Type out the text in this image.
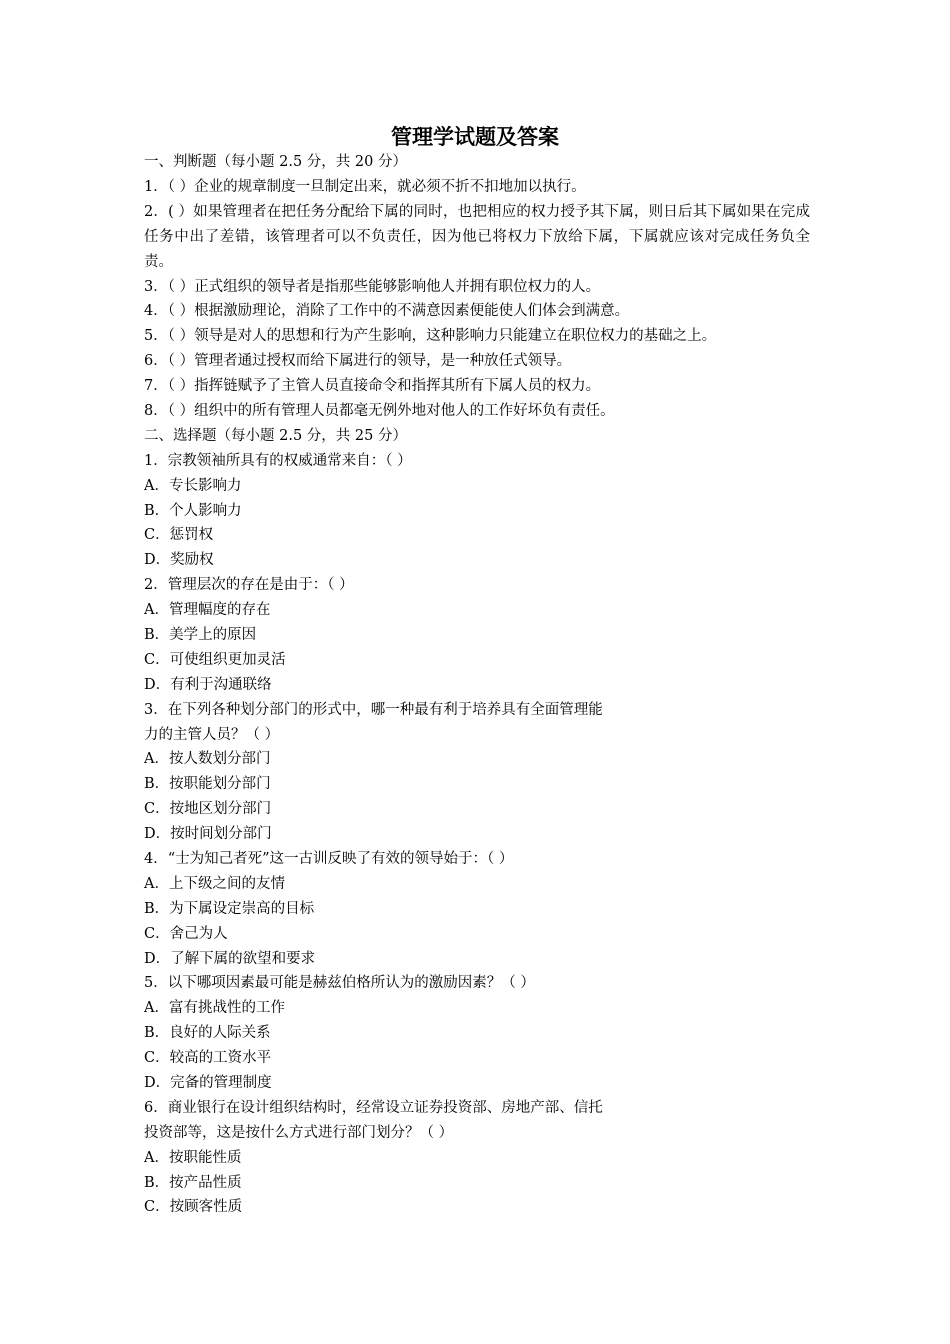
管理学试题及答案
一、判断题（每小题 2.5 分，共 20 分）
1．（ ）企业的规章制度一旦制定出来，就必须不折不扣地加以执行。
2．( ）如果管理者在把任务分配给下属的同时，也把相应的权力授予其下属，则日后其下属如果在完成任务中出了差错，该管理者可以不负责任，因为他已将权力下放给下属，下属就应该对完成任务负全责。
3．（ ）正式组织的领导者是指那些能够影响他人并拥有职位权力的人。
4．（ ）根据激励理论，消除了工作中的不满意因素便能使人们体会到满意。
5．（ ）领导是对人的思想和行为产生影响，这种影响力只能建立在职位权力的基础之上。
6．（ ）管理者通过授权而给下属进行的领导，是一种放任式领导。
7．（ ）指挥链赋予了主管人员直接命令和指挥其所有下属人员的权力。
8．（ ）组织中的所有管理人员都毫无例外地对他人的工作好坏负有责任。
二、选择题（每小题 2.5 分，共 25 分）
1．宗教领袖所具有的权威通常来自：（ ）
A．专长影响力
B．个人影响力
C．惩罚权
D．奖励权
2．管理层次的存在是由于：（ ）
A．管理幅度的存在
B．美学上的原因
C．可使组织更加灵活
D．有利于沟通联络
3．在下列各种划分部门的形式中，哪一种最有利于培养具有全面管理能
力的主管人员？（ ）
A．按人数划分部门
B．按职能划分部门
C．按地区划分部门
D．按时间划分部门
4．“士为知己者死”这一古训反映了有效的领导始于：（ ）
A．上下级之间的友情
B．为下属设定崇高的目标
C．舍己为人
D．了解下属的欲望和要求
5．以下哪项因素最可能是赫兹伯格所认为的激励因素？（ ）
A．富有挑战性的工作
B．良好的人际关系
C．较高的工资水平
D．完备的管理制度
6．商业银行在设计组织结构时，经常设立证券投资部、房地产部、信托
投资部等，这是按什么方式进行部门划分？（ ）
A．按职能性质
B．按产品性质
C．按顾客性质
